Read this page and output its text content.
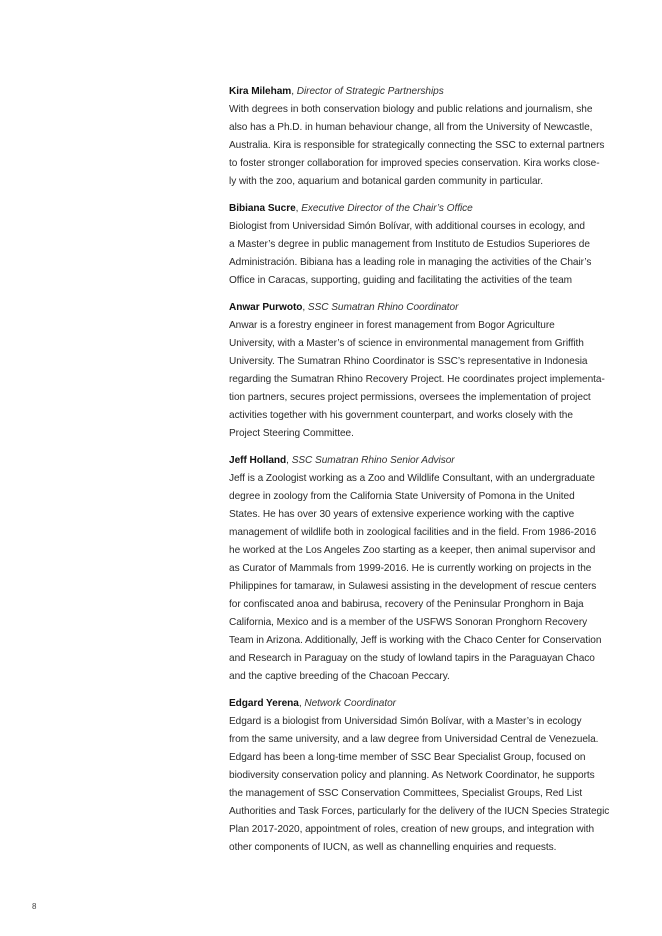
Kira Mileham, Director of Strategic Partnerships
With degrees in both conservation biology and public relations and journalism, she
also has a Ph.D. in human behaviour change, all from the University of Newcastle,
Australia. Kira is responsible for strategically connecting the SSC to external partners
to foster stronger collaboration for improved species conservation. Kira works close-
ly with the zoo, aquarium and botanical garden community in particular.
Bibiana Sucre, Executive Director of the Chair’s Office
Biologist from Universidad Simón Bolívar, with additional courses in ecology, and
a Master’s degree in public management from Instituto de Estudios Superiores de
Administración. Bibiana has a leading role in managing the activities of the Chair’s
Office in Caracas, supporting, guiding and facilitating the activities of the team
Anwar Purwoto, SSC Sumatran Rhino Coordinator
Anwar is a forestry engineer in forest management from Bogor Agriculture
University, with a Master’s of science in environmental management from Griffith
University. The Sumatran Rhino Coordinator is SSC’s representative in Indonesia
regarding the Sumatran Rhino Recovery Project. He coordinates project implementa-
tion partners, secures project permissions, oversees the implementation of project
activities together with his government counterpart, and works closely with the
Project Steering Committee.
Jeff Holland, SSC Sumatran Rhino Senior Advisor
Jeff is a Zoologist working as a Zoo and Wildlife Consultant, with an undergraduate
degree in zoology from the California State University of Pomona in the United
States. He has over 30 years of extensive experience working with the captive
management of wildlife both in zoological facilities and in the field. From 1986-2016
he worked at the Los Angeles Zoo starting as a keeper, then animal supervisor and
as Curator of Mammals from 1999-2016. He is currently working on projects in the
Philippines for tamaraw, in Sulawesi assisting in the development of rescue centers
for confiscated anoa and babirusa, recovery of the Peninsular Pronghorn in Baja
California, Mexico and is a member of the USFWS Sonoran Pronghorn Recovery
Team in Arizona. Additionally, Jeff is working with the Chaco Center for Conservation
and Research in Paraguay on the study of lowland tapirs in the Paraguayan Chaco
and the captive breeding of the Chacoan Peccary.
Edgard Yerena, Network Coordinator
Edgard is a biologist from Universidad Simón Bolívar, with a Master’s in ecology
from the same university, and a law degree from Universidad Central de Venezuela.
Edgard has been a long-time member of SSC Bear Specialist Group, focused on
biodiversity conservation policy and planning. As Network Coordinator, he supports
the management of SSC Conservation Committees, Specialist Groups, Red List
Authorities and Task Forces, particularly for the delivery of the IUCN Species Strategic
Plan 2017-2020, appointment of roles, creation of new groups, and integration with
other components of IUCN, as well as channelling enquiries and requests.
8
